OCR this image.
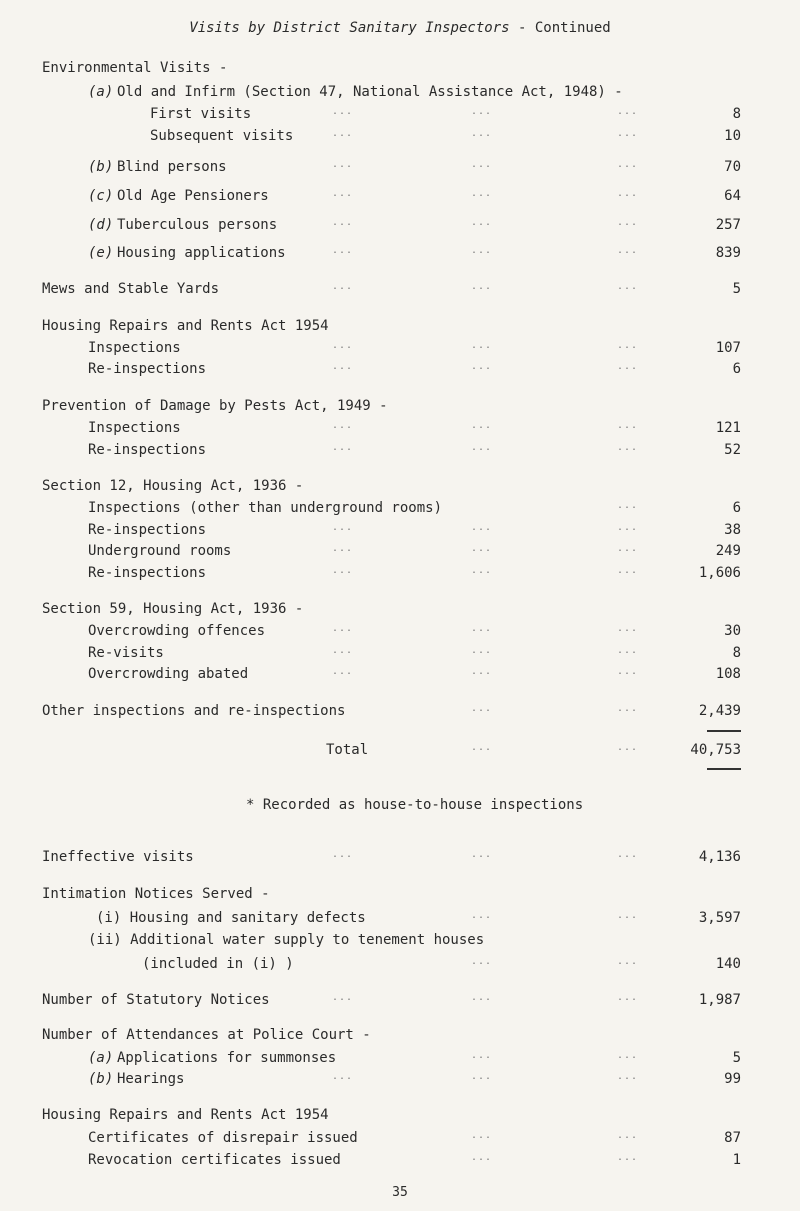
Visits by District Sanitary Inspectors - Continued
Environmental Visits -
(a) Old and Infirm (Section 47, National Assistance Act, 1948) -
First visits	...	...	...	8
Subsequent visits	...	...	...	10
(b) Blind persons	...	...	...	70
(c) Old Age Pensioners	...	...	...	64
(d) Tuberculous persons	...	...	...	257
(e) Housing applications	...	...	...	839
Mews and Stable Yards	...	...	...	5
Housing Repairs and Rents Act 1954
Inspections	...	...	...	107
Re-inspections	...	...	...	6
Prevention of Damage by Pests Act, 1949 -
Inspections	...	...	...	121
Re-inspections	...	...	...	52
Section 12, Housing Act, 1936 -
Inspections (other than underground rooms)	...	6
Re-inspections	...	...	...	38
Underground rooms	...	...	...	249
Re-inspections	...	...	...	1,606
Section 59, Housing Act, 1936 -
Overcrowding offences	...	...	...	30
Re-visits	...	...	...	8
Overcrowding abated	...	...	...	108
Other inspections and re-inspections	...	...	2,439
Total	...	...	40,753
* Recorded as house-to-house inspections
Ineffective visits	...	...	...	4,136
Intimation Notices Served -
(i) Housing and sanitary defects	...	...	3,597
(ii) Additional water supply to tenement houses
(included in (i) )	...	...	140
Number of Statutory Notices	...	...	...	1,987
Number of Attendances at Police Court -
(a) Applications for summonses	...	...	5
(b) Hearings	...	...	...	99
Housing Repairs and Rents Act 1954
Certificates of disrepair issued	...	...	87
Revocation certificates issued	...	...	1
35
